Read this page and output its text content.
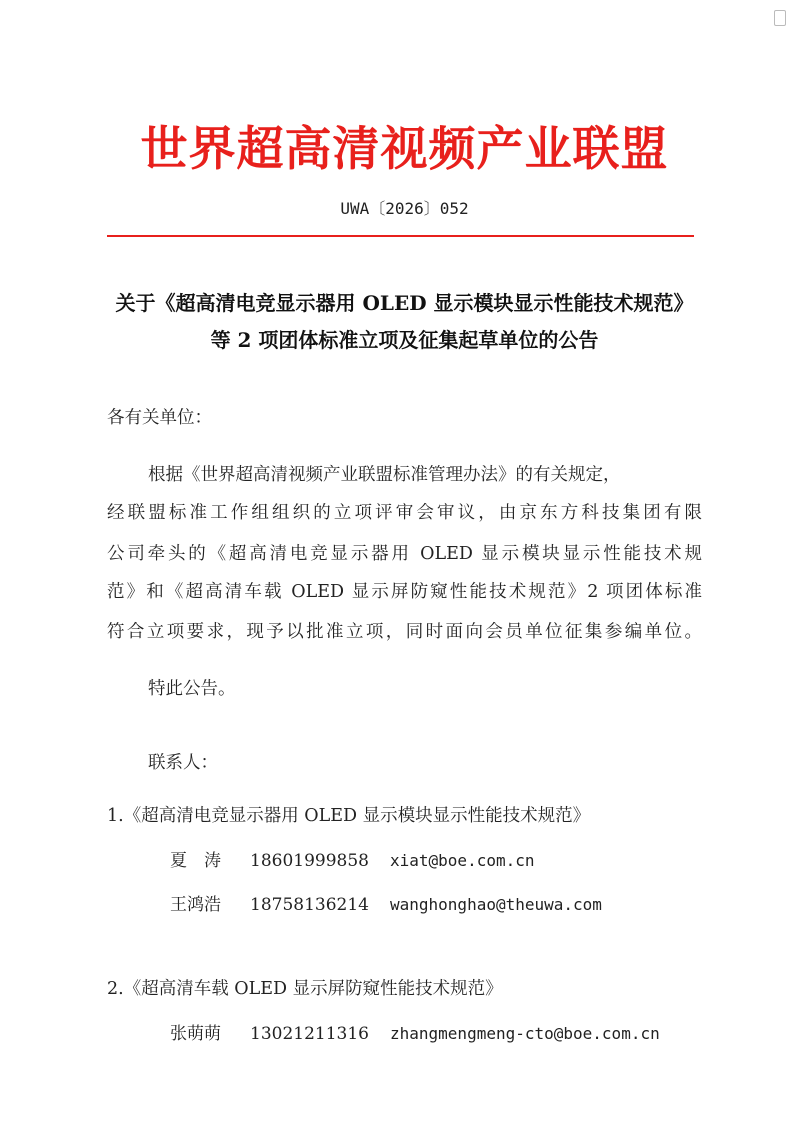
世界超高清视频产业联盟
UWA〔2026〕052
关于《超高清电竞显示器用 OLED 显示模块显示性能技术规范》
等 2 项团体标准立项及征集起草单位的公告
各有关单位：
根据《世界超高清视频产业联盟标准管理办法》的有关规定，
经联盟标准工作组组织的立项评审会审议，由京东方科技集团有限
公司牵头的《超高清电竞显示器用 OLED 显示模块显示性能技术规
范》和《超高清车载 OLED 显示屏防窥性能技术规范》2 项团体标准
符合立项要求，现予以批准立项，同时面向会员单位征集参编单位。
特此公告。
联系人：
1.《超高清电竞显示器用 OLED 显示模块显示性能技术规范》
夏　涛 18601999858 xiat@boe.com.cn
王鸿浩 18758136214 wanghonghao@theuwa.com
2.《超高清车载 OLED 显示屏防窥性能技术规范》
张萌萌 13021211316 zhangmengmeng-cto@boe.com.cn
